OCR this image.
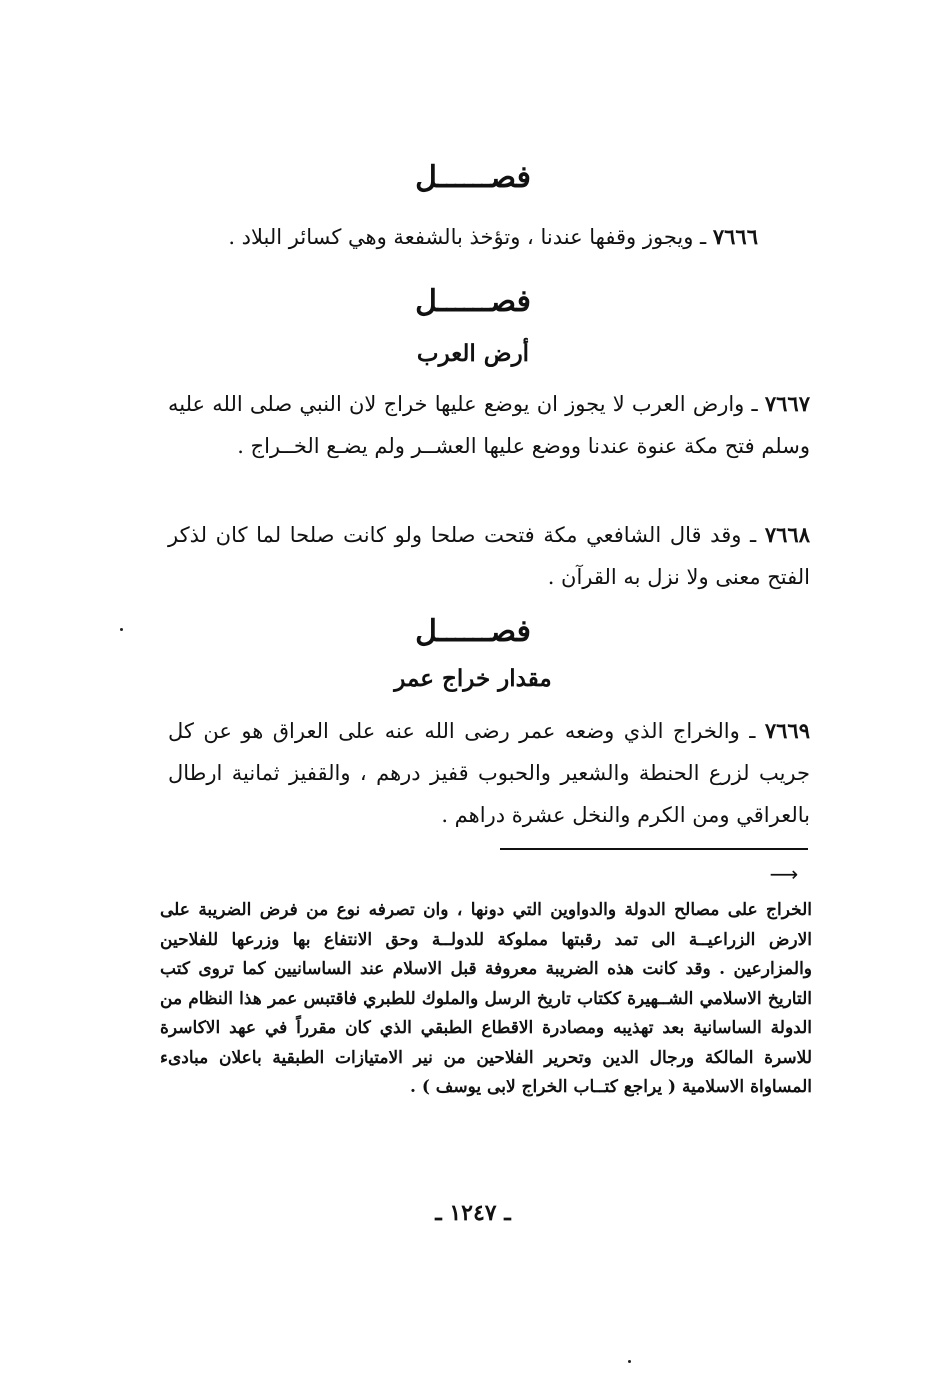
فصــــــل
٧٦٦٦ ـ ويجوز وقفها عندنا ، وتؤخذ بالشفعة وهي كسائر البلاد .
فصــــــل
أرض العرب
٧٦٦٧ ـ وارض العرب لا يجوز ان يوضع عليها خراج لان النبي صلى الله عليه وسلم فتح مكة عنوة عندنا ووضع عليها العشــر ولم يضـع الخــراج .
٧٦٦٨ ـ وقد قال الشافعي مكة فتحت صلحا ولو كانت صلحا لما كان لذكر الفتح معنى ولا نزل به القرآن .
فصــــــل
مقدار خراج عمر
٧٦٦٩ ـ والخراج الذي وضعه عمر رضى الله عنه على العراق هو عن كل جريب لزرع الحنطة والشعير والحبوب قفيز درهم ، والقفيز ثمانية ارطال بالعراقي ومن الكرم والنخل عشرة دراهم .
⟶
الخراج على مصالح الدولة والدواوين التي دونها ، وان تصرفه نوع من فرض الضريبة على الارض الزراعيــة الى تمد رقبتها مملوكة للدولــة وحق الانتفاع بها وزرعها للفلاحين والمزارعين . وقد كانت هذه الضريبة معروفة قبل الاسلام عند الساسانيين كما تروى كتب التاريخ الاسلامي الشــهيرة ككتاب تاريخ الرسل والملوك للطبري فاقتبس عمر هذا النظام من الدولة الساسانية بعد تهذيبه ومصادرة الاقطاع الطبقي الذي كان مقرراً في عهد الاكاسرة للاسرة المالكة ورجال الدين وتحرير الفلاحين من نير الامتيازات الطبقية باعلان مبادىء المساواة الاسلامية ( يراجع كتــاب الخراج لابى يوسف ) .
ـ ١٢٤٧ ـ
